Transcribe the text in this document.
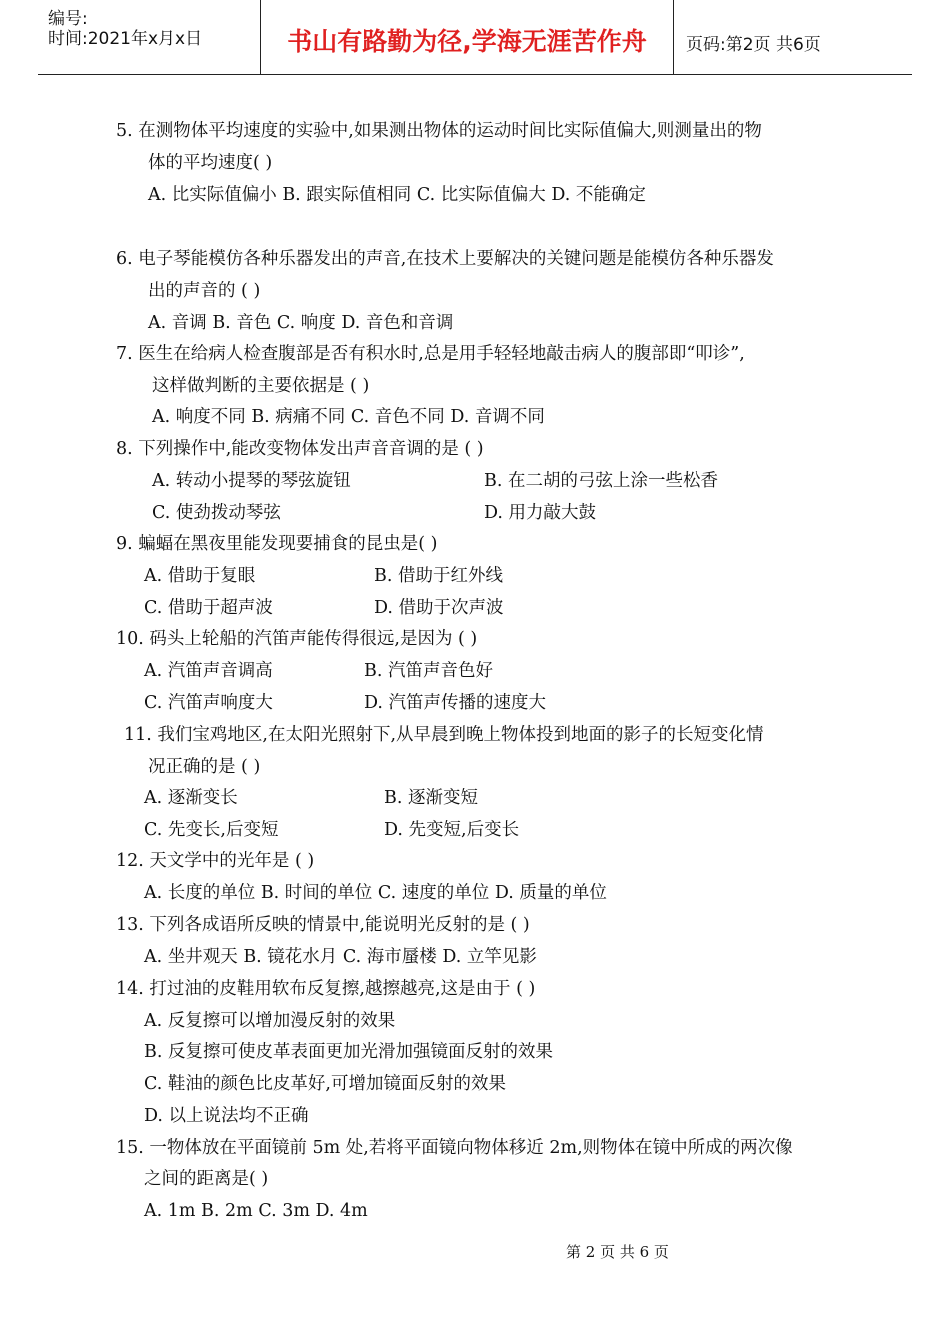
编号:
时间:2021年x月x日	书山有路勤为径,学海无涯苦作舟	页码:第2页 共6页
5. 在测物体平均速度的实验中,如果测出物体的运动时间比实际值偏大,则测量出的物
体的平均速度( )
A. 比实际值偏小 B. 跟实际值相同 C. 比实际值偏大 D. 不能确定
6. 电子琴能模仿各种乐器发出的声音,在技术上要解决的关键问题是能模仿各种乐器发
出的声音的 ( )
A. 音调 B. 音色 C. 响度 D. 音色和音调
7. 医生在给病人检查腹部是否有积水时,总是用手轻轻地敲击病人的腹部即“叩诊”,
这样做判断的主要依据是 ( )
A. 响度不同 B. 病痛不同 C. 音色不同 D. 音调不同
8. 下列操作中,能改变物体发出声音音调的是 ( )
A. 转动小提琴的琴弦旋钮	B. 在二胡的弓弦上涂一些松香
C. 使劲拨动琴弦	D. 用力敲大鼓
9. 蝙蝠在黑夜里能发现要捕食的昆虫是( )
A. 借助于复眼	B. 借助于红外线
C. 借助于超声波	D. 借助于次声波
10. 码头上轮船的汽笛声能传得很远,是因为 ( )
A. 汽笛声音调高	B. 汽笛声音色好
C. 汽笛声响度大	D. 汽笛声传播的速度大
11. 我们宝鸡地区,在太阳光照射下,从早晨到晚上物体投到地面的影子的长短变化情
况正确的是 ( )
A. 逐渐变长	B. 逐渐变短
C. 先变长,后变短	D. 先变短,后变长
12. 天文学中的光年是 ( )
A. 长度的单位 B. 时间的单位 C. 速度的单位 D. 质量的单位
13. 下列各成语所反映的情景中,能说明光反射的是 ( )
A. 坐井观天 B. 镜花水月 C. 海市蜃楼 D. 立竿见影
14. 打过油的皮鞋用软布反复擦,越擦越亮,这是由于 ( )
A. 反复擦可以增加漫反射的效果
B. 反复擦可使皮革表面更加光滑加强镜面反射的效果
C. 鞋油的颜色比皮革好,可增加镜面反射的效果
D. 以上说法均不正确
15. 一物体放在平面镜前 5m 处,若将平面镜向物体移近 2m,则物体在镜中所成的两次像
之间的距离是( )
A. 1m B. 2m C. 3m D. 4m
第 2 页 共 6 页
